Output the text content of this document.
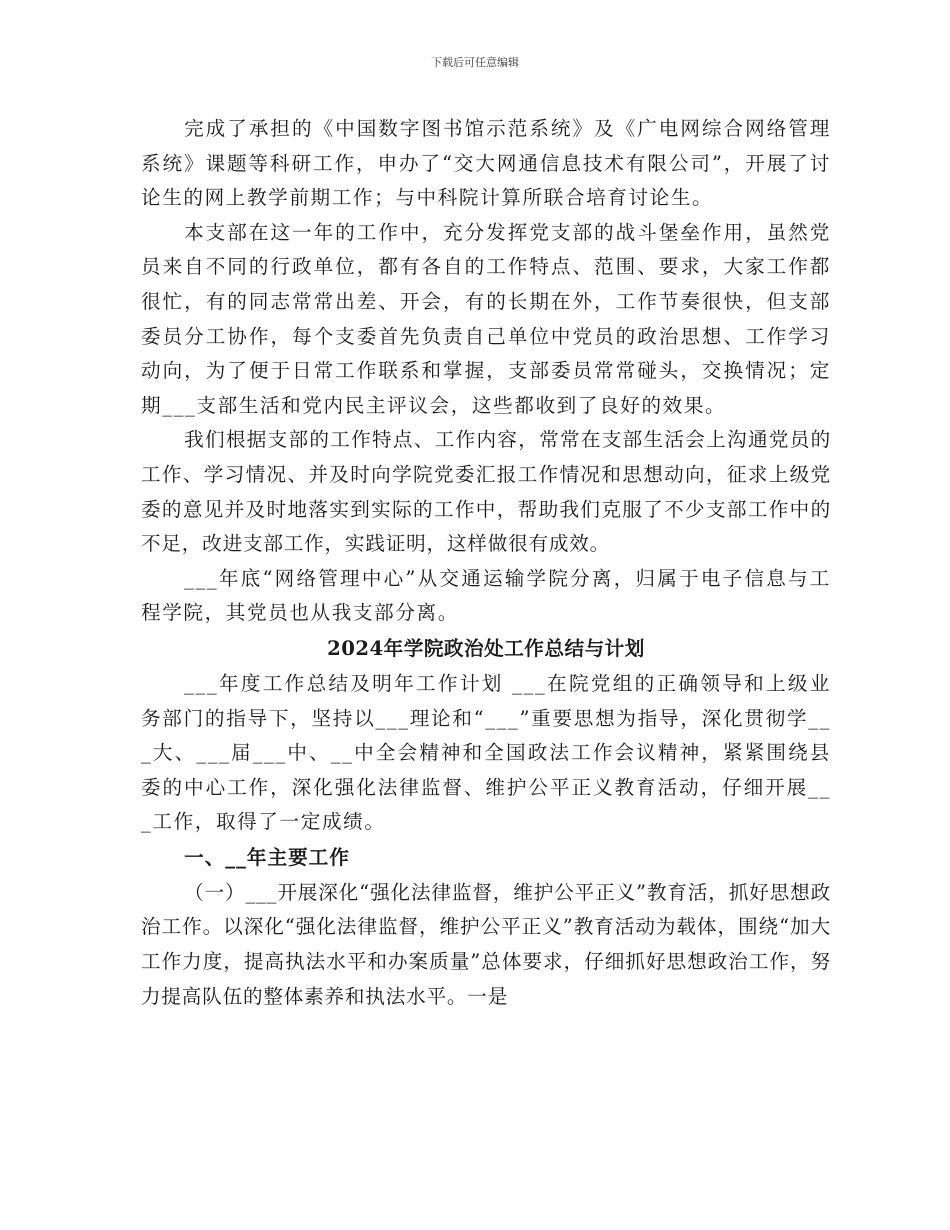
下载后可任意编辑

完成了承担的《中国数字图书馆示范系统》及《广电网综合网络管理系统》课题等科研工作，申办了“交大网通信息技术有限公司”，开展了讨论生的网上教学前期工作；与中科院计算所联合培育讨论生。

本支部在这一年的工作中，充分发挥党支部的战斗堡垒作用，虽然党员来自不同的行政单位，都有各自的工作特点、范围、要求，大家工作都很忙，有的同志常常出差、开会，有的长期在外，工作节奏很快，但支部委员分工协作，每个支委首先负责自己单位中党员的政治思想、工作学习动向，为了便于日常工作联系和掌握，支部委员常常碰头，交换情况；定期___支部生活和党内民主评议会，这些都收到了良好的效果。

我们根据支部的工作特点、工作内容，常常在支部生活会上沟通党员的工作、学习情况、并及时向学院党委汇报工作情况和思想动向，征求上级党委的意见并及时地落实到实际的工作中，帮助我们克服了不少支部工作中的不足，改进支部工作，实践证明，这样做很有成效。

___年底“网络管理中心”从交通运输学院分离，归属于电子信息与工程学院，其党员也从我支部分离。

2024年学院政治处工作总结与计划

___年度工作总结及明年工作计划 ___在院党组的正确领导和上级业务部门的指导下，坚持以___理论和“___”重要思想为指导，深化贯彻学___大、___届___中、__中全会精神和全国政法工作会议精神，紧紧围绕县委的中心工作，深化强化法律监督、维护公平正义教育活动，仔细开展___工作，取得了一定成绩。

一、__年主要工作

（一）___开展深化“强化法律监督，维护公平正义”教育活，抓好思想政治工作。以深化“强化法律监督，维护公平正义”教育活动为载体，围绕“加大工作力度，提高执法水平和办案质量”总体要求，仔细抓好思想政治工作，努力提高队伍的整体素养和执法水平。一是
